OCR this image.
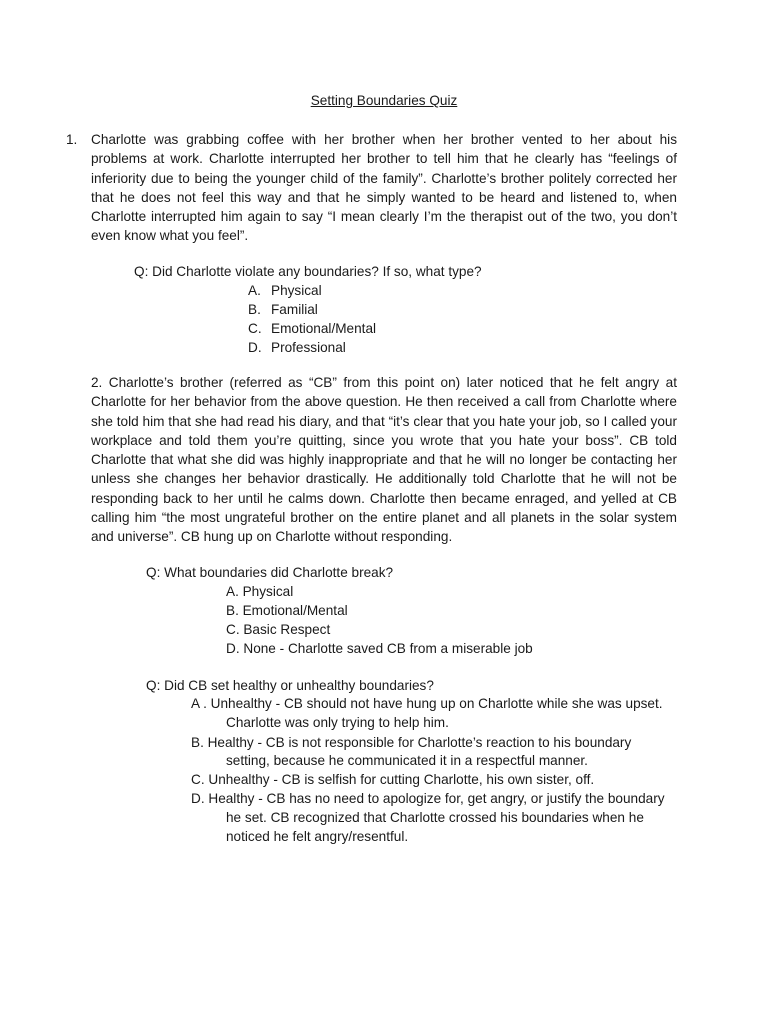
Setting Boundaries Quiz
1. Charlotte was grabbing coffee with her brother when her brother vented to her about his problems at work. Charlotte interrupted her brother to tell him that he clearly has “feelings of inferiority due to being the younger child of the family”. Charlotte’s brother politely corrected her that he does not feel this way and that he simply wanted to be heard and listened to, when Charlotte interrupted him again to say “I mean clearly I’m the therapist out of the two, you don’t even know what you feel”.
Q: Did Charlotte violate any boundaries? If so, what type?
A. Physical
B. Familial
C. Emotional/Mental
D. Professional
2. Charlotte’s brother (referred as “CB” from this point on) later noticed that he felt angry at Charlotte for her behavior from the above question. He then received a call from Charlotte where she told him that she had read his diary, and that “it’s clear that you hate your job, so I called your workplace and told them you’re quitting, since you wrote that you hate your boss”. CB told Charlotte that what she did was highly inappropriate and that he will no longer be contacting her unless she changes her behavior drastically. He additionally told Charlotte that he will not be responding back to her until he calms down. Charlotte then became enraged, and yelled at CB calling him “the most ungrateful brother on the entire planet and all planets in the solar system and universe”. CB hung up on Charlotte without responding.
Q: What boundaries did Charlotte break?
A. Physical
B. Emotional/Mental
C. Basic Respect
D. None - Charlotte saved CB from a miserable job
Q: Did CB set healthy or unhealthy boundaries?
A . Unhealthy - CB should not have hung up on Charlotte while she was upset.
Charlotte was only trying to help him.
B. Healthy - CB is not responsible for Charlotte’s reaction to his boundary
setting, because he communicated it in a respectful manner.
C. Unhealthy - CB is selfish for cutting Charlotte, his own sister, off.
D. Healthy - CB has no need to apologize for, get angry, or justify the boundary
he set. CB recognized that Charlotte crossed his boundaries when he
noticed he felt angry/resentful.
